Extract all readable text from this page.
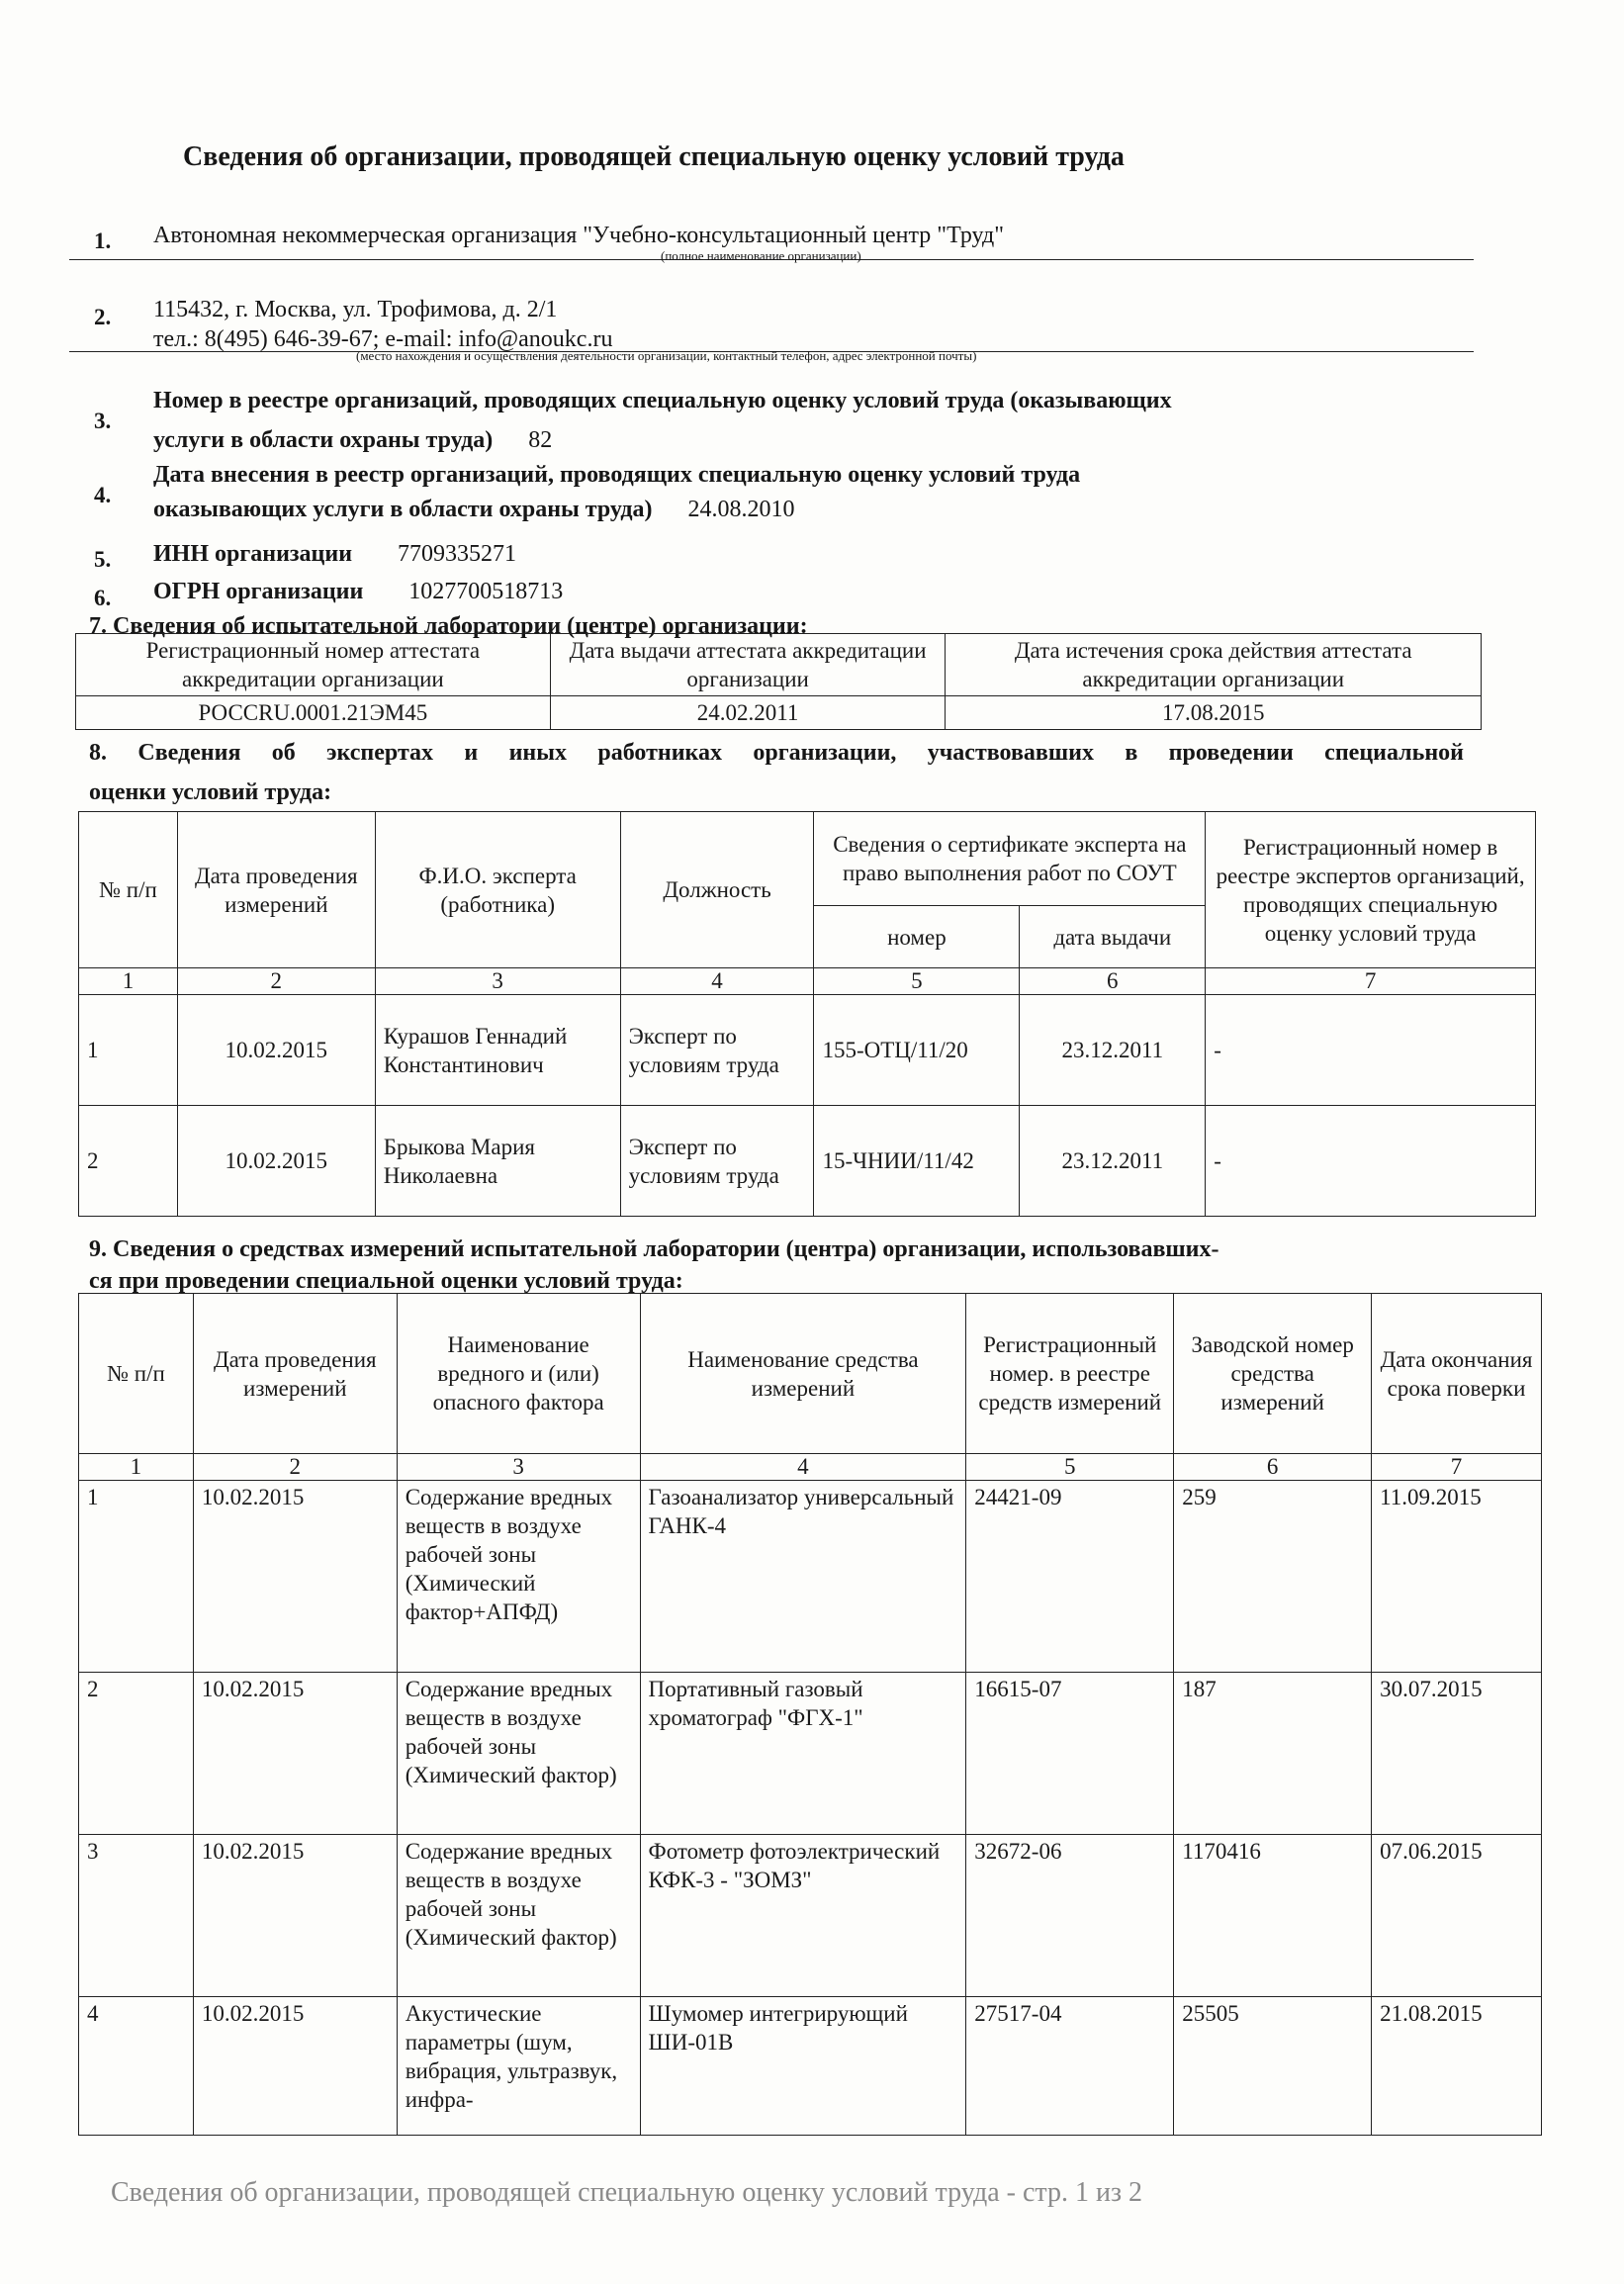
Сведения об организации, проводящей специальную оценку условий труда
1. Автономная некоммерческая организация "Учебно-консультационный центр "Труд"
(полное наименование организации)
2. 115432, г. Москва, ул. Трофимова, д. 2/1
тел.: 8(495) 646-39-67; e-mail: info@anoukc.ru
(место нахождения и осуществления деятельности организации, контактный телефон, адрес электронной почты)
3.
Номер в реестре организаций, проводящих специальную оценку условий труда (оказывающих
услуги в области охраны труда) 82
4.
Дата внесения в реестр организаций, проводящих специальную оценку условий труда
оказывающих услуги в области охраны труда) 24.08.2010
5. ИНН организации 7709335271
6. ОГРН организации 1027700518713
7. Сведения об испытательной лаборатории (центре) организации:
Регистрационный номер аттестата аккредитации организации	Дата выдачи аттестата аккредитации организации	Дата истечения срока действия аттестата аккредитации организации
РОССRU.0001.21ЭМ45	24.02.2011	17.08.2015
8. Сведения об экспертах и иных работниках организации, участвовавших в проведении специальной
оценки условий труда:
№ п/п	Дата проведения измерений	Ф.И.О. эксперта (работника)	Должность	Сведения о сертификате эксперта на право выполнения работ по СОУТ		Регистрационный номер в реестре экспертов организаций, проводящих специальную оценку условий труда
				номер	дата выдачи	
1	2	3	4	5	6	7
1	10.02.2015	Курашов Геннадий Константинович	Эксперт по условиям труда	155-ОТЦ/11/20	23.12.2011	-
2	10.02.2015	Брыкова Мария Николаевна	Эксперт по условиям труда	15-ЧНИИ/11/42	23.12.2011	-
9. Сведения о средствах измерений испытательной лаборатории (центра) организации, использовавших-
ся при проведении специальной оценки условий труда:
№ п/п	Дата проведения измерений	Наименование вредного и (или) опасного фактора	Наименование средства измерений	Регистрационный номер. в реестре средств измерений	Заводской номер средства измерений	Дата окончания срока поверки
1	2	3	4	5	6	7
1	10.02.2015	Содержание вредных веществ в воздухе рабочей зоны (Химический фактор+АПФД)	Газоанализатор универсальный ГАНК-4	24421-09	259	11.09.2015
2	10.02.2015	Содержание вредных веществ в воздухе рабочей зоны (Химический фактор)	Портативный газовый хроматограф "ФГХ-1"	16615-07	187	30.07.2015
3	10.02.2015	Содержание вредных веществ в воздухе рабочей зоны (Химический фактор)	Фотометр фотоэлектрический КФК-3 - "ЗОМЗ"	32672-06	1170416	07.06.2015
4	10.02.2015	Акустические параметры (шум, вибрация, ультразвук, инфра-	Шумомер интегрирующий ШИ-01В	27517-04	25505	21.08.2015
Сведения об организации, проводящей специальную оценку условий труда - стр. 1 из 2
